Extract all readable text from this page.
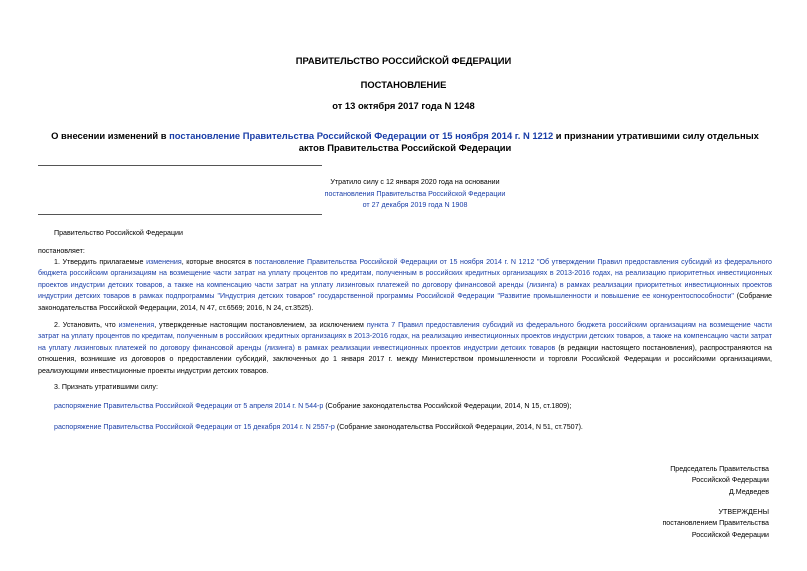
ПРАВИТЕЛЬСТВО РОССИЙСКОЙ ФЕДЕРАЦИИ
ПОСТАНОВЛЕНИЕ
от 13 октября 2017 года N 1248
О внесении изменений в постановление Правительства Российской Федерации от 15 ноября 2014 г. N 1212 и признании утратившими силу отдельных актов Правительства Российской Федерации
Утратило силу с 12 января 2020 года на основании
постановления Правительства Российской Федерации
от 27 декабря 2019 года N 1908
Правительство Российской Федерации
постановляет:
1. Утвердить прилагаемые изменения, которые вносятся в постановление Правительства Российской Федерации от 15 ноября 2014 г. N 1212 "Об утверждении Правил предоставления субсидий из федерального бюджета российским организациям на возмещение части затрат на уплату процентов по кредитам, полученным в российских кредитных организациях в 2013-2016 годах, на реализацию приоритетных инвестиционных проектов индустрии детских товаров, а также на компенсацию части затрат на уплату лизинговых платежей по договору финансовой аренды (лизинга) в рамках реализации приоритетных инвестиционных проектов индустрии детских товаров в рамках подпрограммы "Индустрия детских товаров" государственной программы Российской Федерации "Развитие промышленности и повышение ее конкурентоспособности" (Собрание законодательства Российской Федерации, 2014, N 47, ст.6569; 2016, N 24, ст.3525).
2. Установить, что изменения, утвержденные настоящим постановлением, за исключением пункта 7 Правил предоставления субсидий из федерального бюджета российским организациям на возмещение части затрат на уплату процентов по кредитам, полученным в российских кредитных организациях в 2013-2016 годах, на реализацию инвестиционных проектов индустрии детских товаров, а также на компенсацию части затрат на уплату лизинговых платежей по договору финансовой аренды (лизинга) в рамках реализации инвестиционных проектов индустрии детских товаров (в редакции настоящего постановления), распространяются на отношения, возникшие из договоров о предоставлении субсидий, заключенных до 1 января 2017 г. между Министерством промышленности и торговли Российской Федерации и российскими организациями, реализующими инвестиционные проекты индустрии детских товаров.
3. Признать утратившими силу:
распоряжение Правительства Российской Федерации от 5 апреля 2014 г. N 544-р (Собрание законодательства Российской Федерации, 2014, N 15, ст.1809);
распоряжение Правительства Российской Федерации от 15 декабря 2014 г. N 2557-р (Собрание законодательства Российской Федерации, 2014, N 51, ст.7507).
Председатель Правительства
Российской Федерации
Д.Медведев
УТВЕРЖДЕНЫ
постановлением Правительства
Российской Федерации
